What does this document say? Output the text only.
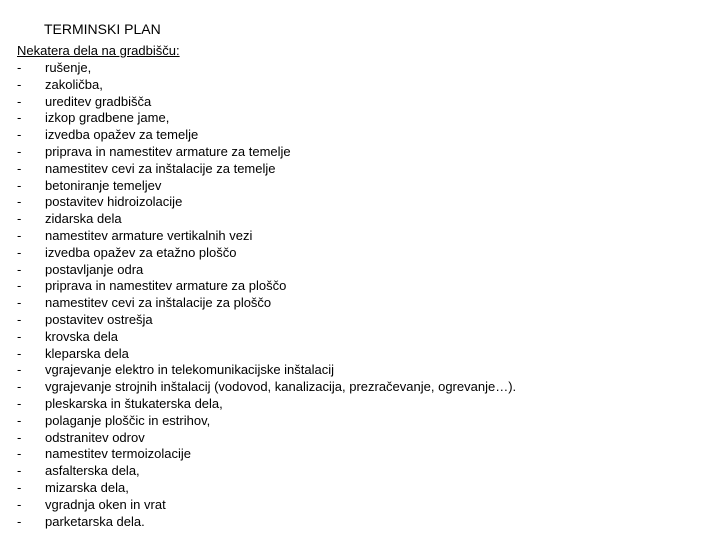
TERMINSKI PLAN

Nekatera dela na gradbišču:

- rušenje,
- zakoličba,
- ureditev gradbišča
- izkop gradbene jame,
- izvedba opažev za temelje
- priprava in namestitev armature za temelje
- namestitev cevi za inštalacije za temelje
- betoniranje temeljev
- postavitev hidroizolacije
- zidarska dela
- namestitev armature vertikalnih vezi
- izvedba opažev za etažno ploščo
- postavljanje odra
- priprava in namestitev armature za ploščo
- namestitev cevi za inštalacije za ploščo
- postavitev ostrešja
- krovska dela
- kleparska dela
- vgrajevanje elektro in telekomunikacijske inštalacij
- vgrajevanje strojnih inštalacij (vodovod, kanalizacija, prezračevanje, ogrevanje…).
- pleskarska in štukaterska dela,
- polaganje ploščic in estrihov,
- odstranitev odrov
- namestitev termoizolacije
- asfalterska dela,
- mizarska dela,
- vgradnja oken in vrat
- parketarska dela.
